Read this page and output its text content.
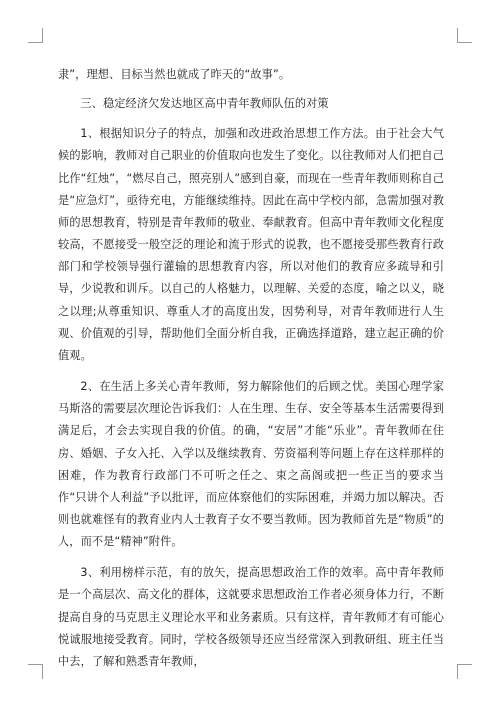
隶”，理想、目标当然也就成了昨天的“故事”。

三、稳定经济欠发达地区高中青年教师队伍的对策

1、根据知识分子的特点，加强和改进政治思想工作方法。由于社会大气候的影响，教师对自己职业的价值取向也发生了变化。以往教师对人们把自己比作“红烛”，“燃尽自己，照亮别人”感到自豪，而现在一些青年教师则称自己是“应急灯”，亟待充电，方能继续维持。因此在高中学校内部，急需加强对教师的思想教育，特别是青年教师的敬业、奉献教育。但高中青年教师文化程度较高，不愿接受一般空泛的理论和流于形式的说教，也不愿接受那些教育行政部门和学校领导强行灌输的思想教育内容，所以对他们的教育应多疏导和引导，少说教和训斥。以自己的人格魅力，以理解、关爱的态度，喻之以义，晓之以理;从尊重知识、尊重人才的高度出发，因势利导，对青年教师进行人生观、价值观的引导，帮助他们全面分析自我，正确选择道路，建立起正确的价值观。

2、在生活上多关心青年教师，努力解除他们的后顾之忧。美国心理学家马斯洛的需要层次理论告诉我们：人在生理、生存、安全等基本生活需要得到满足后，才会去实现自我的价值。的确，“安居”才能“乐业”。青年教师在住房、婚姻、子女入托、入学以及继续教育、劳资福利等问题上存在这样那样的困难，作为教育行政部门不可听之任之、束之高阁或把一些正当的要求当作“只讲个人利益”予以批评，而应体察他们的实际困难，并竭力加以解决。否则也就难怪有的教育业内人士教育子女不要当教师。因为教师首先是“物质”的人，而不是“精神”附件。

3、利用榜样示范，有的放矢，提高思想政治工作的效率。高中青年教师是一个高层次、高文化的群体，这就要求思想政治工作者必须身体力行，不断提高自身的马克思主义理论水平和业务素质。只有这样，青年教师才有可能心悦诚服地接受教育。同时，学校各级领导还应当经常深入到教研组、班主任当中去，了解和熟悉青年教师，
